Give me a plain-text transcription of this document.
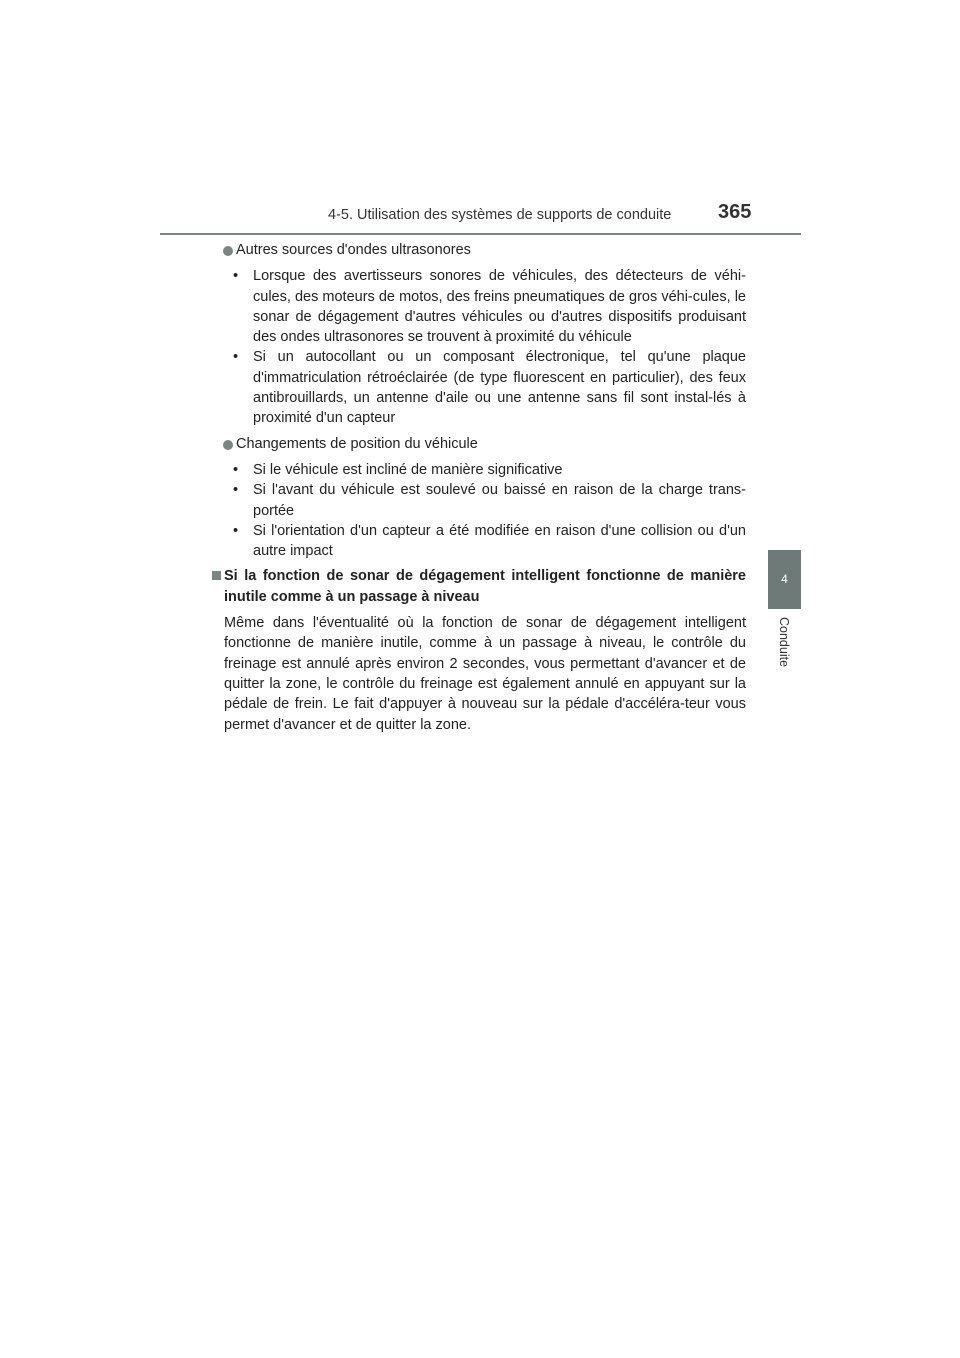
4-5. Utilisation des systèmes de supports de conduite 365
4
Conduite
Autres sources d'ondes ultrasonores
• Lorsque des avertisseurs sonores de véhicules, des détecteurs de véhi-cules, des moteurs de motos, des freins pneumatiques de gros véhi-cules, le sonar de dégagement d'autres véhicules ou d'autres dispositifs produisant des ondes ultrasonores se trouvent à proximité du véhicule
• Si un autocollant ou un composant électronique, tel qu'une plaque d'immatriculation rétroéclairée (de type fluorescent en particulier), des feux antibrouillards, un antenne d'aile ou une antenne sans fil sont instal-lés à proximité d'un capteur
Changements de position du véhicule
• Si le véhicule est incliné de manière significative
• Si l'avant du véhicule est soulevé ou baissé en raison de la charge trans-portée
• Si l'orientation d'un capteur a été modifiée en raison d'une collision ou d'un autre impact
Si la fonction de sonar de dégagement intelligent fonctionne de manière inutile comme à un passage à niveau

Même dans l'éventualité où la fonction de sonar de dégagement intelligent fonctionne de manière inutile, comme à un passage à niveau, le contrôle du freinage est annulé après environ 2 secondes, vous permettant d'avancer et de quitter la zone, le contrôle du freinage est également annulé en appuyant sur la pédale de frein. Le fait d'appuyer à nouveau sur la pédale d'accéléra-teur vous permet d'avancer et de quitter la zone.
